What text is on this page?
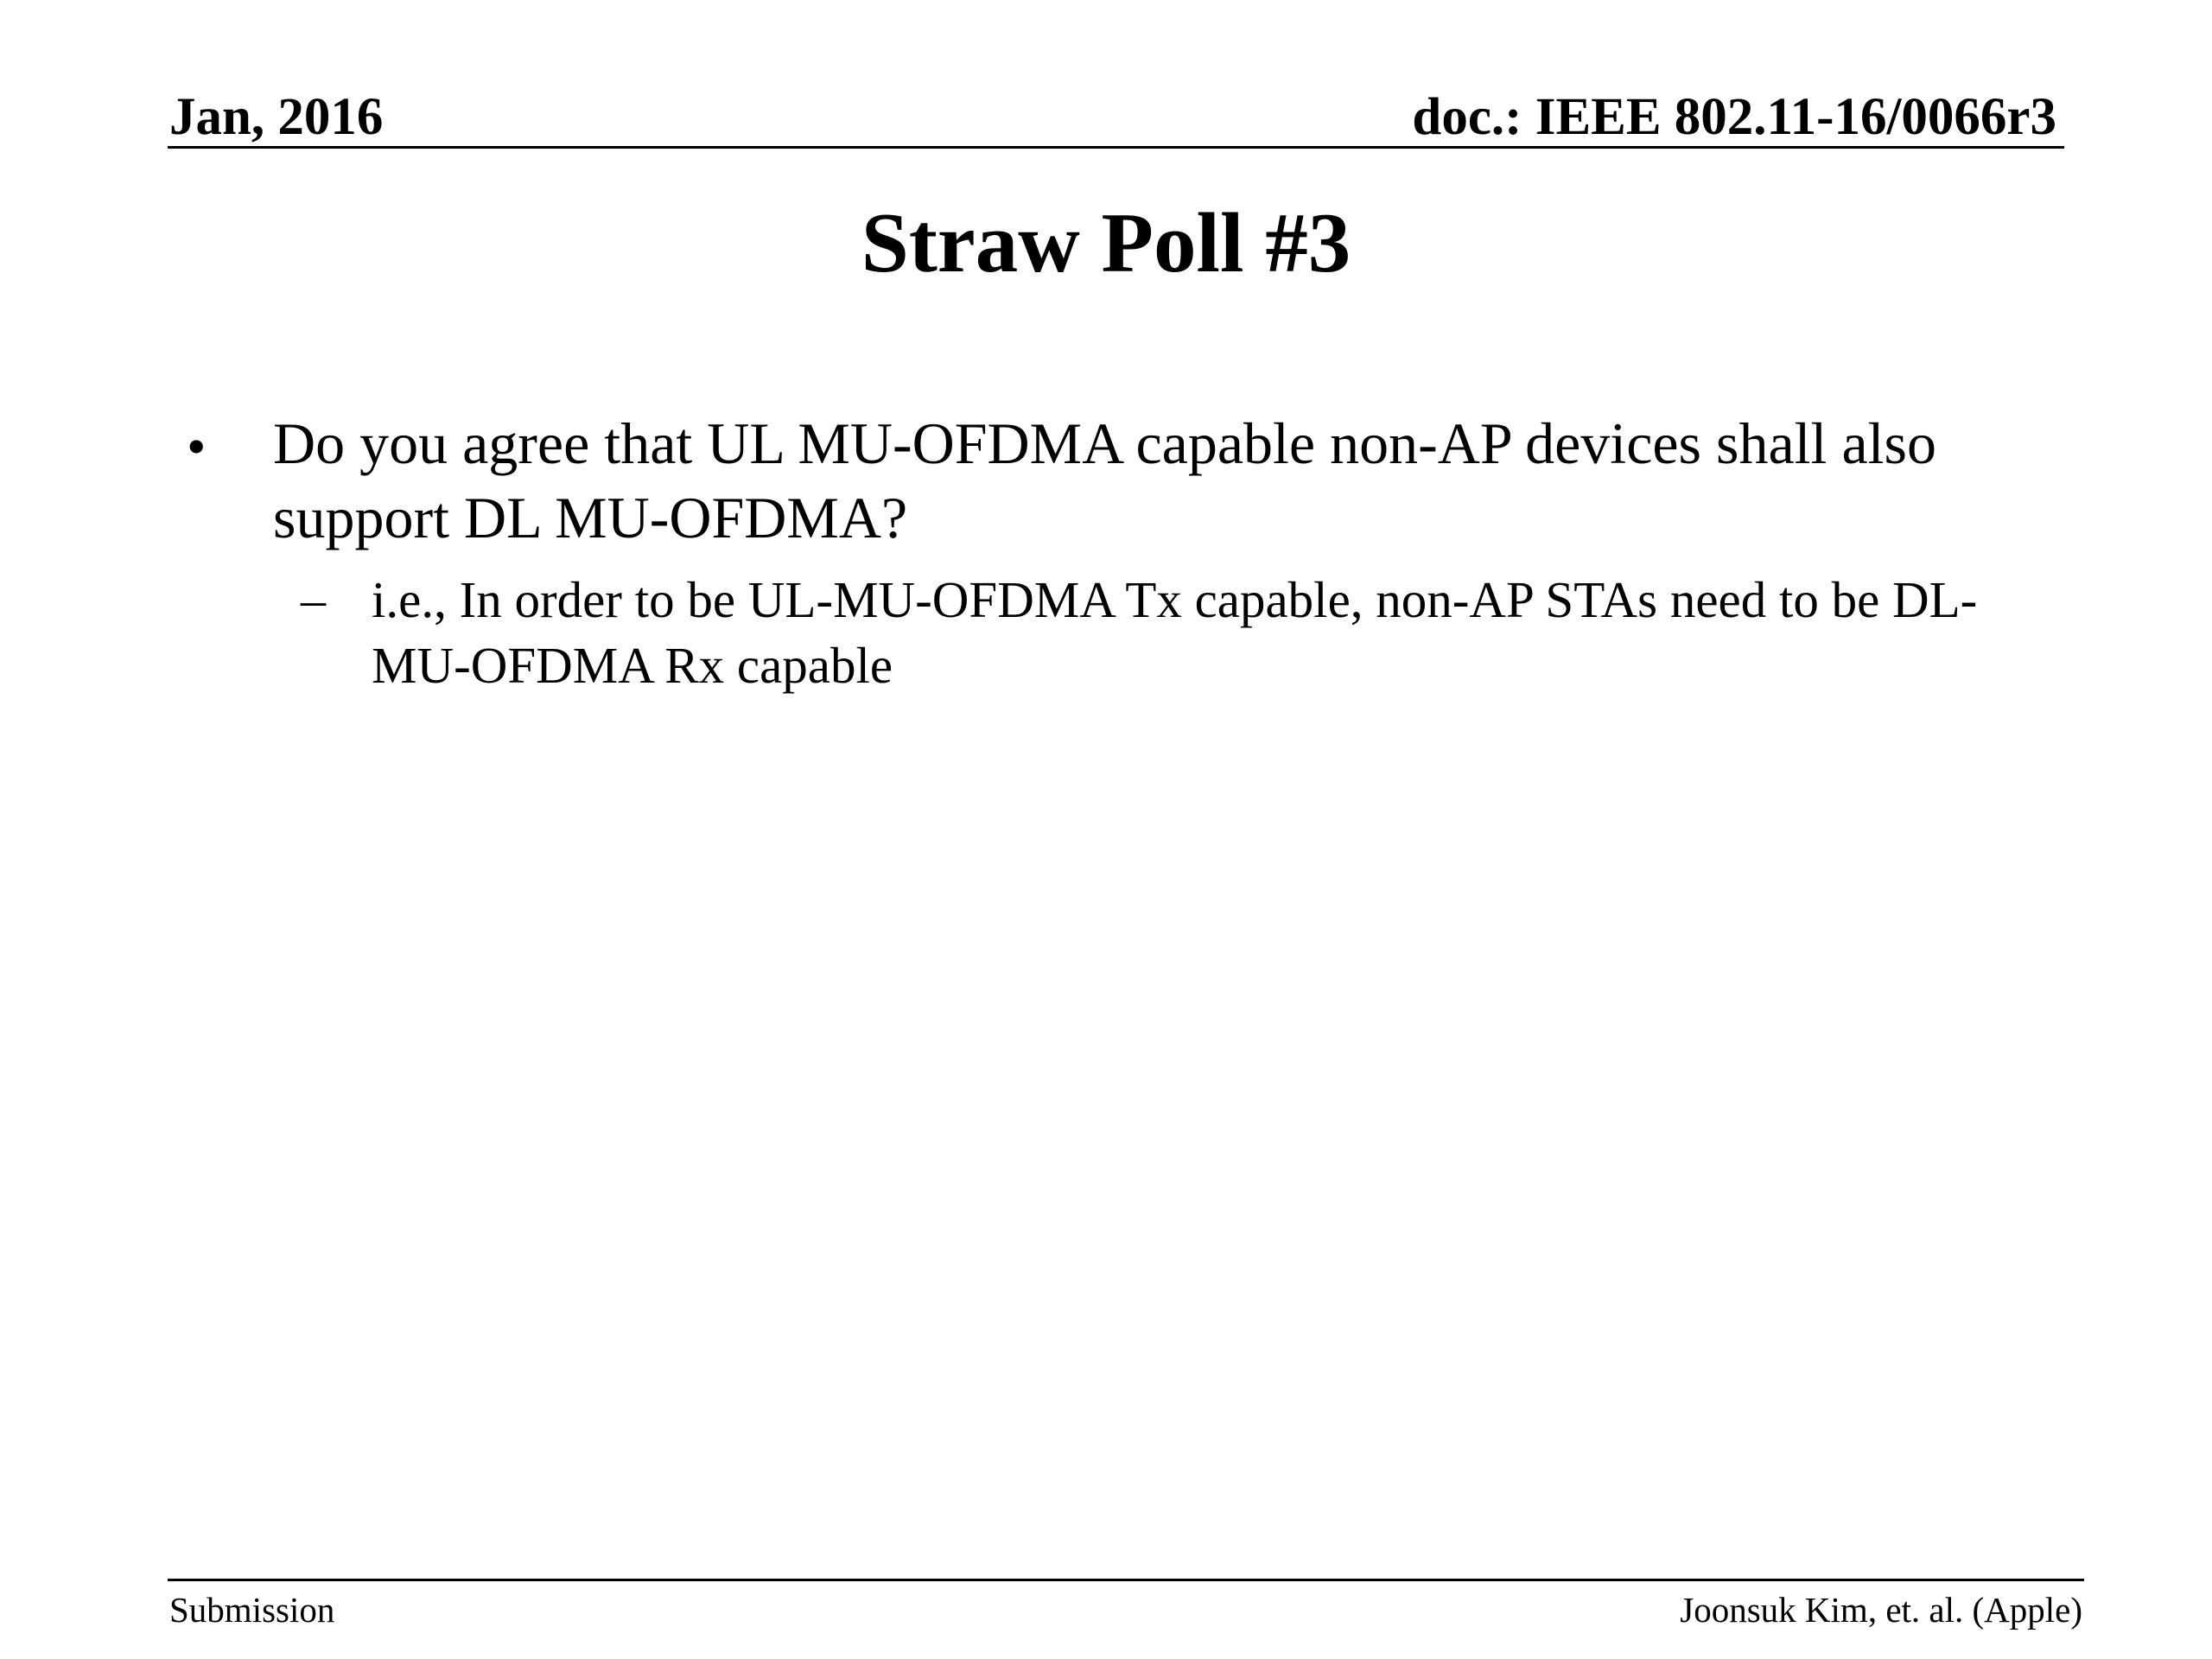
Jan, 2016	doc.: IEEE 802.11-16/0066r3
Straw Poll #3
• Do you agree that UL MU-OFDMA capable non-AP devices shall also support DL MU-OFDMA?
– i.e., In order to be UL-MU-OFDMA Tx capable, non-AP STAs need to be DL-MU-OFDMA Rx capable
Submission	Joonsuk Kim, et. al. (Apple)
